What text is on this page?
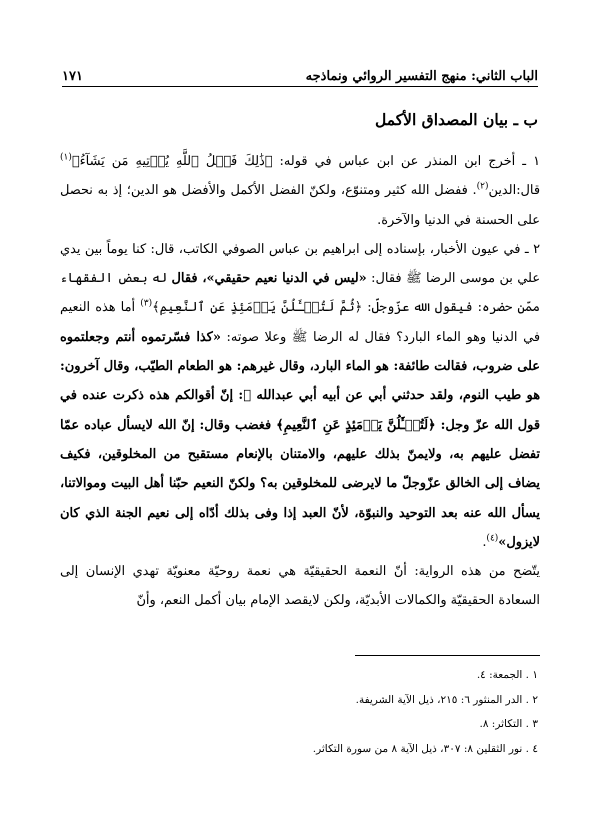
الباب الثاني: منهج التفسير الروائي ونماذجه
١٧١
ب ـ بيان المصداق الأكمل

١ ـ أخرج ابن المنذر عن ابن عباس في قوله: ﴿ذَٰلِكَ فَضۡلُ ٱللَّهِ يُؤۡتِيهِ مَن يَشَآءُ﴾$^{(١)}$ قال:الدين$^{(٢)}$. ففضل الله كثير ومتنوّع، ولكنّ الفضل الأكمل والأفضل هو الدين؛ إذ به نحصل على الحسنة في الدنيا والآخرة.

٢ ـ في عيون الأخبار، بإسناده إلى ابراهيم بن عباس الصوفي الكاتب، قال: كنا يوماً بين يدي علي بن موسى الرضا ﷺ فقال: «ليس في الدنيا نعيم حقيقي»، فقال له بعض الفقهاء ممّن حضره: فيقول الله عزّوجلّ: ﴿ثُمَّ لَتُسۡـَٔلُنَّ يَوۡمَئِذٍ عَنِ ٱلنَّعِيمِ﴾$^{(٣)}$ أما هذه النعيم في الدنيا وهو الماء البارد؟ فقال له الرضا ﷺ وعلا صوته: «كذا فسّرتموه أنتم وجعلتموه على ضروب، فقالت طائفة: هو الماء البارد، وقال غيرهم: هو الطعام الطيّب، وقال آخرون: هو طيب النوم، ولقد حدثني أبي عن أبيه أبي عبدالله ﷺ: إنّ أقوالكم هذه ذكرت عنده في قول الله عزّ وجل: ﴿لَتُسۡـَٔلُنَّ يَوۡمَئِذٍ عَنِ ٱلنَّعِيمِ﴾ فغضب وقال: إنّ الله لايسأل عباده عمّا تفضل عليهم به، ولايمنّ بذلك عليهم، والامتنان بالإنعام مستقبح من المخلوقين، فكيف يضاف إلى الخالق عزّوجلّ ما لايرضى للمخلوقين به؟ ولكنّ النعيم حبّنا أهل البيت وموالاتنا، يسأل الله عنه بعد التوحيد والنبوّة، لأنّ العبد إذا وفى بذلك أدّاه إلى نعيم الجنة الذي كان لايزول»$^{(٤)}$.

يتّضح من هذه الرواية: أنّ النعمة الحقيقيّة هي نعمة روحيّة معنويّة تهدي الإنسان إلى السعادة الحقيقيّة والكمالات الأبديّة، ولكن لايقصد الإمام بيان أكمل النعم، وأنّ

١ . الجمعة: ٤.
٢ . الدر المنثور ٦: ٢١٥، ذيل الآية الشريفة.
٣ . التكاثر: ٨.
٤ . نور الثقلين ٨: ٣٠٧، ذيل الآية ٨ من سورة التكاثر.
